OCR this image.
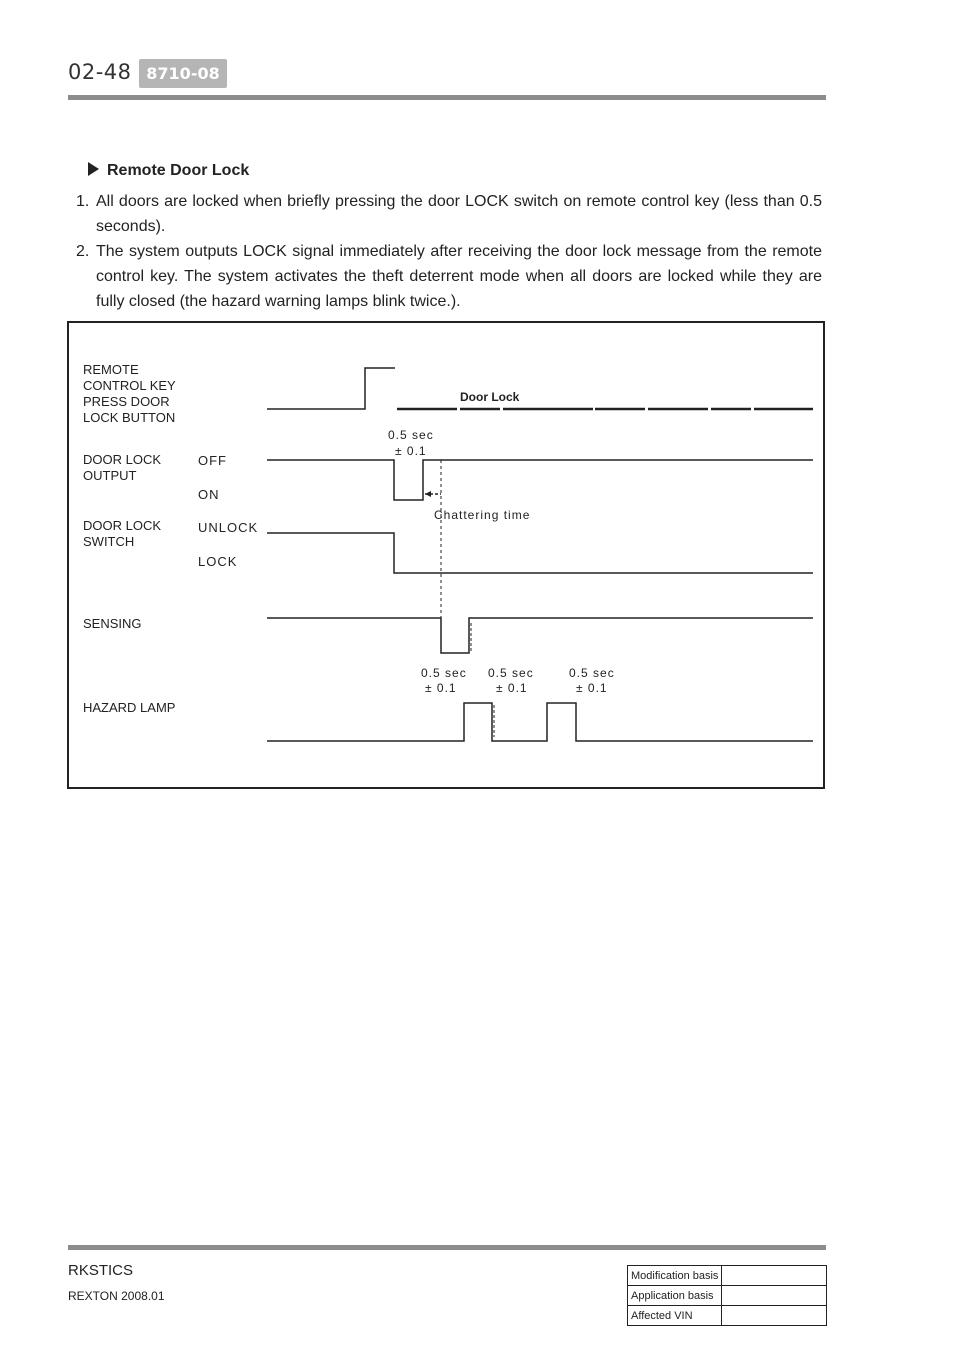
02-48 8710-08
Remote Door Lock
1. All doors are locked when briefly pressing the door LOCK switch on remote control key (less than 0.5 seconds).
2. The system outputs LOCK signal immediately after receiving the door lock message from the remote control key. The system activates the theft deterrent mode when all doors are locked while they are fully closed (the hazard warning lamps blink twice.).
REMOTE
CONTROL KEY
PRESS DOOR
LOCK BUTTON
DOOR LOCK
OUTPUT
DOOR LOCK
SWITCH
SENSING
HAZARD LAMP
OFF
ON
UNLOCK
LOCK
Door Lock
0.5 sec
± 0.1
Chattering time
0.5 sec
± 0.1
0.5 sec
± 0.1
0.5 sec
± 0.1
RKSTICS
REXTON 2008.01
Modification basis	
Application basis	
Affected VIN	
